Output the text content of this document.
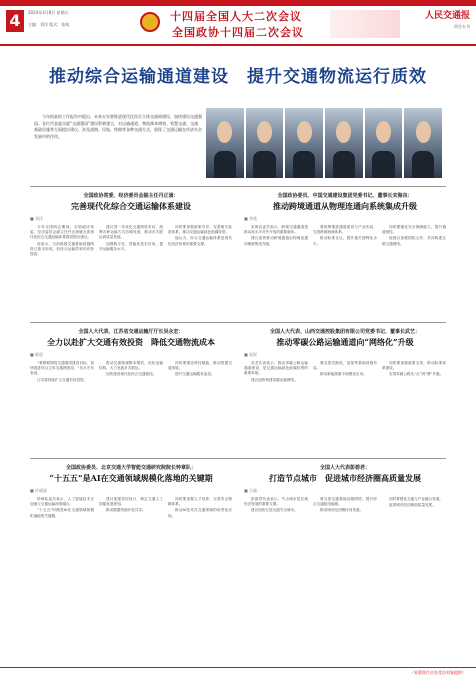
4	2024年3月8日 星期五
主编：刘洋 版式：张萌
十四届全国人大二次会议
全国政协十四届二次会议
人民交通报
两会专刊
推动综合运输通道建设　提升交通物流运行质效
今年的政府工作报告中提出，未来五年要推进现代化综合立体交通网建设，加快建设交通强国。各位代表委员就“交通强国”建设积极建言，对运输通道、物流降本增效、智慧交通、交通基础设施等方面提出建议，涉及道路、民航、铁路等各种交通方式，展现了交通运输在经济社会发展中的作用。
全国政协常委、经济委员会副主任丹正浦：
完善现代化综合交通运输体系建设
■ 刘洋

今年全国两会期间，全国政协常委、经济委员会副主任丹正浦就完善现代化综合交通运输体系建设提出建议。

他表示，当前我国交通基础设施网络已基本形成，但综合运输效率仍有待提高。

建议进一步优化交通网络布局，统筹各种运输方式协调发展，推动多式联运高质量发展。

加强数字化、智能化技术应用，提升运输服务水平。

同时要加强政策引导，完善相关标准体系，推动交通运输绿色低碳转型。

他认为，综合交通运输体系是现代化经济体系的重要支撑。

全国政协委员、中国交通建设集团党委书记、董事长宋海良：
推动跨境通道从物理连通向系统集成升级
■ 李欣

宋海良委员表示，跨境交通通道是推动高水平对外开放的重要载体。

建议加快推动跨境通道由物理连通向系统集成升级。

要统筹推进通道建设与产业布局，完善跨境物流体系。

推动标准互认，提升通关便利化水平。

同时要强化安全保障能力，提升通道韧性。

他建议加强国际合作，共同构建互联互通网络。

全国人大代表、江苏省交通运输厅厅长吴永宏：
全力以赴扩大交通有效投资　降低交通物流成本
■ 陈晨

“要紧紧围绕交通强国建设目标，加快推进综合立体交通网建设。”吴永宏代表说。

江苏将持续扩大交通有效投资。

推动交通物流降本增效，优化运输结构，大力发展多式联运。

加快建设现代化综合交通枢纽。

同时要强化科技赋能，推动智慧交通发展。

提升交通运输服务品质。

全国人大代表、山西交通控股集团有限公司党委书记、董事长武艺：
推动零碳公路运输通道向“网络化”升级
■ 张锐

武艺代表表示，推动零碳公路运输通道建设，是交通运输绿色低碳转型的重要举措。

建议加快构建零碳运输网络。

要完善充换电、加氢等基础设施布局。

推动新能源重卡规模化应用。

同时要加强政策支持，推动标准体系建设。

实现零碳公路从“点”到“网”升级。

全国政协委员、北京交通大学智能交通研究院院长钟章队：
“十五五”是AI在交通领域规模化落地的关键期
■ 许丽丽

钟章队委员表示，人工智能技术正加速与交通运输深度融合。

“十五五”时期是AI在交通领域规模化落地的关键期。

建议加强顶层设计，制定交通人工智能发展规划。

推动数据资源开放共享。

同时要加强人才培养，完善安全保障体系。

推动AI技术在交通领域的场景化应用。

全国人大代表彭碧君：
打造节点城市　促进城市经济圈高质量发展
■ 王晓

彭碧君代表表示，节点城市是区域经济发展的重要支撑。

建议加快打造交通节点城市。

要完善交通基础设施网络，提升综合交通枢纽能级。

推动城市经济圈协同发展。

同时要强化交通与产业融合发展。

促进城市经济圈高质量发展。

（本版图片由各受访对象提供）
